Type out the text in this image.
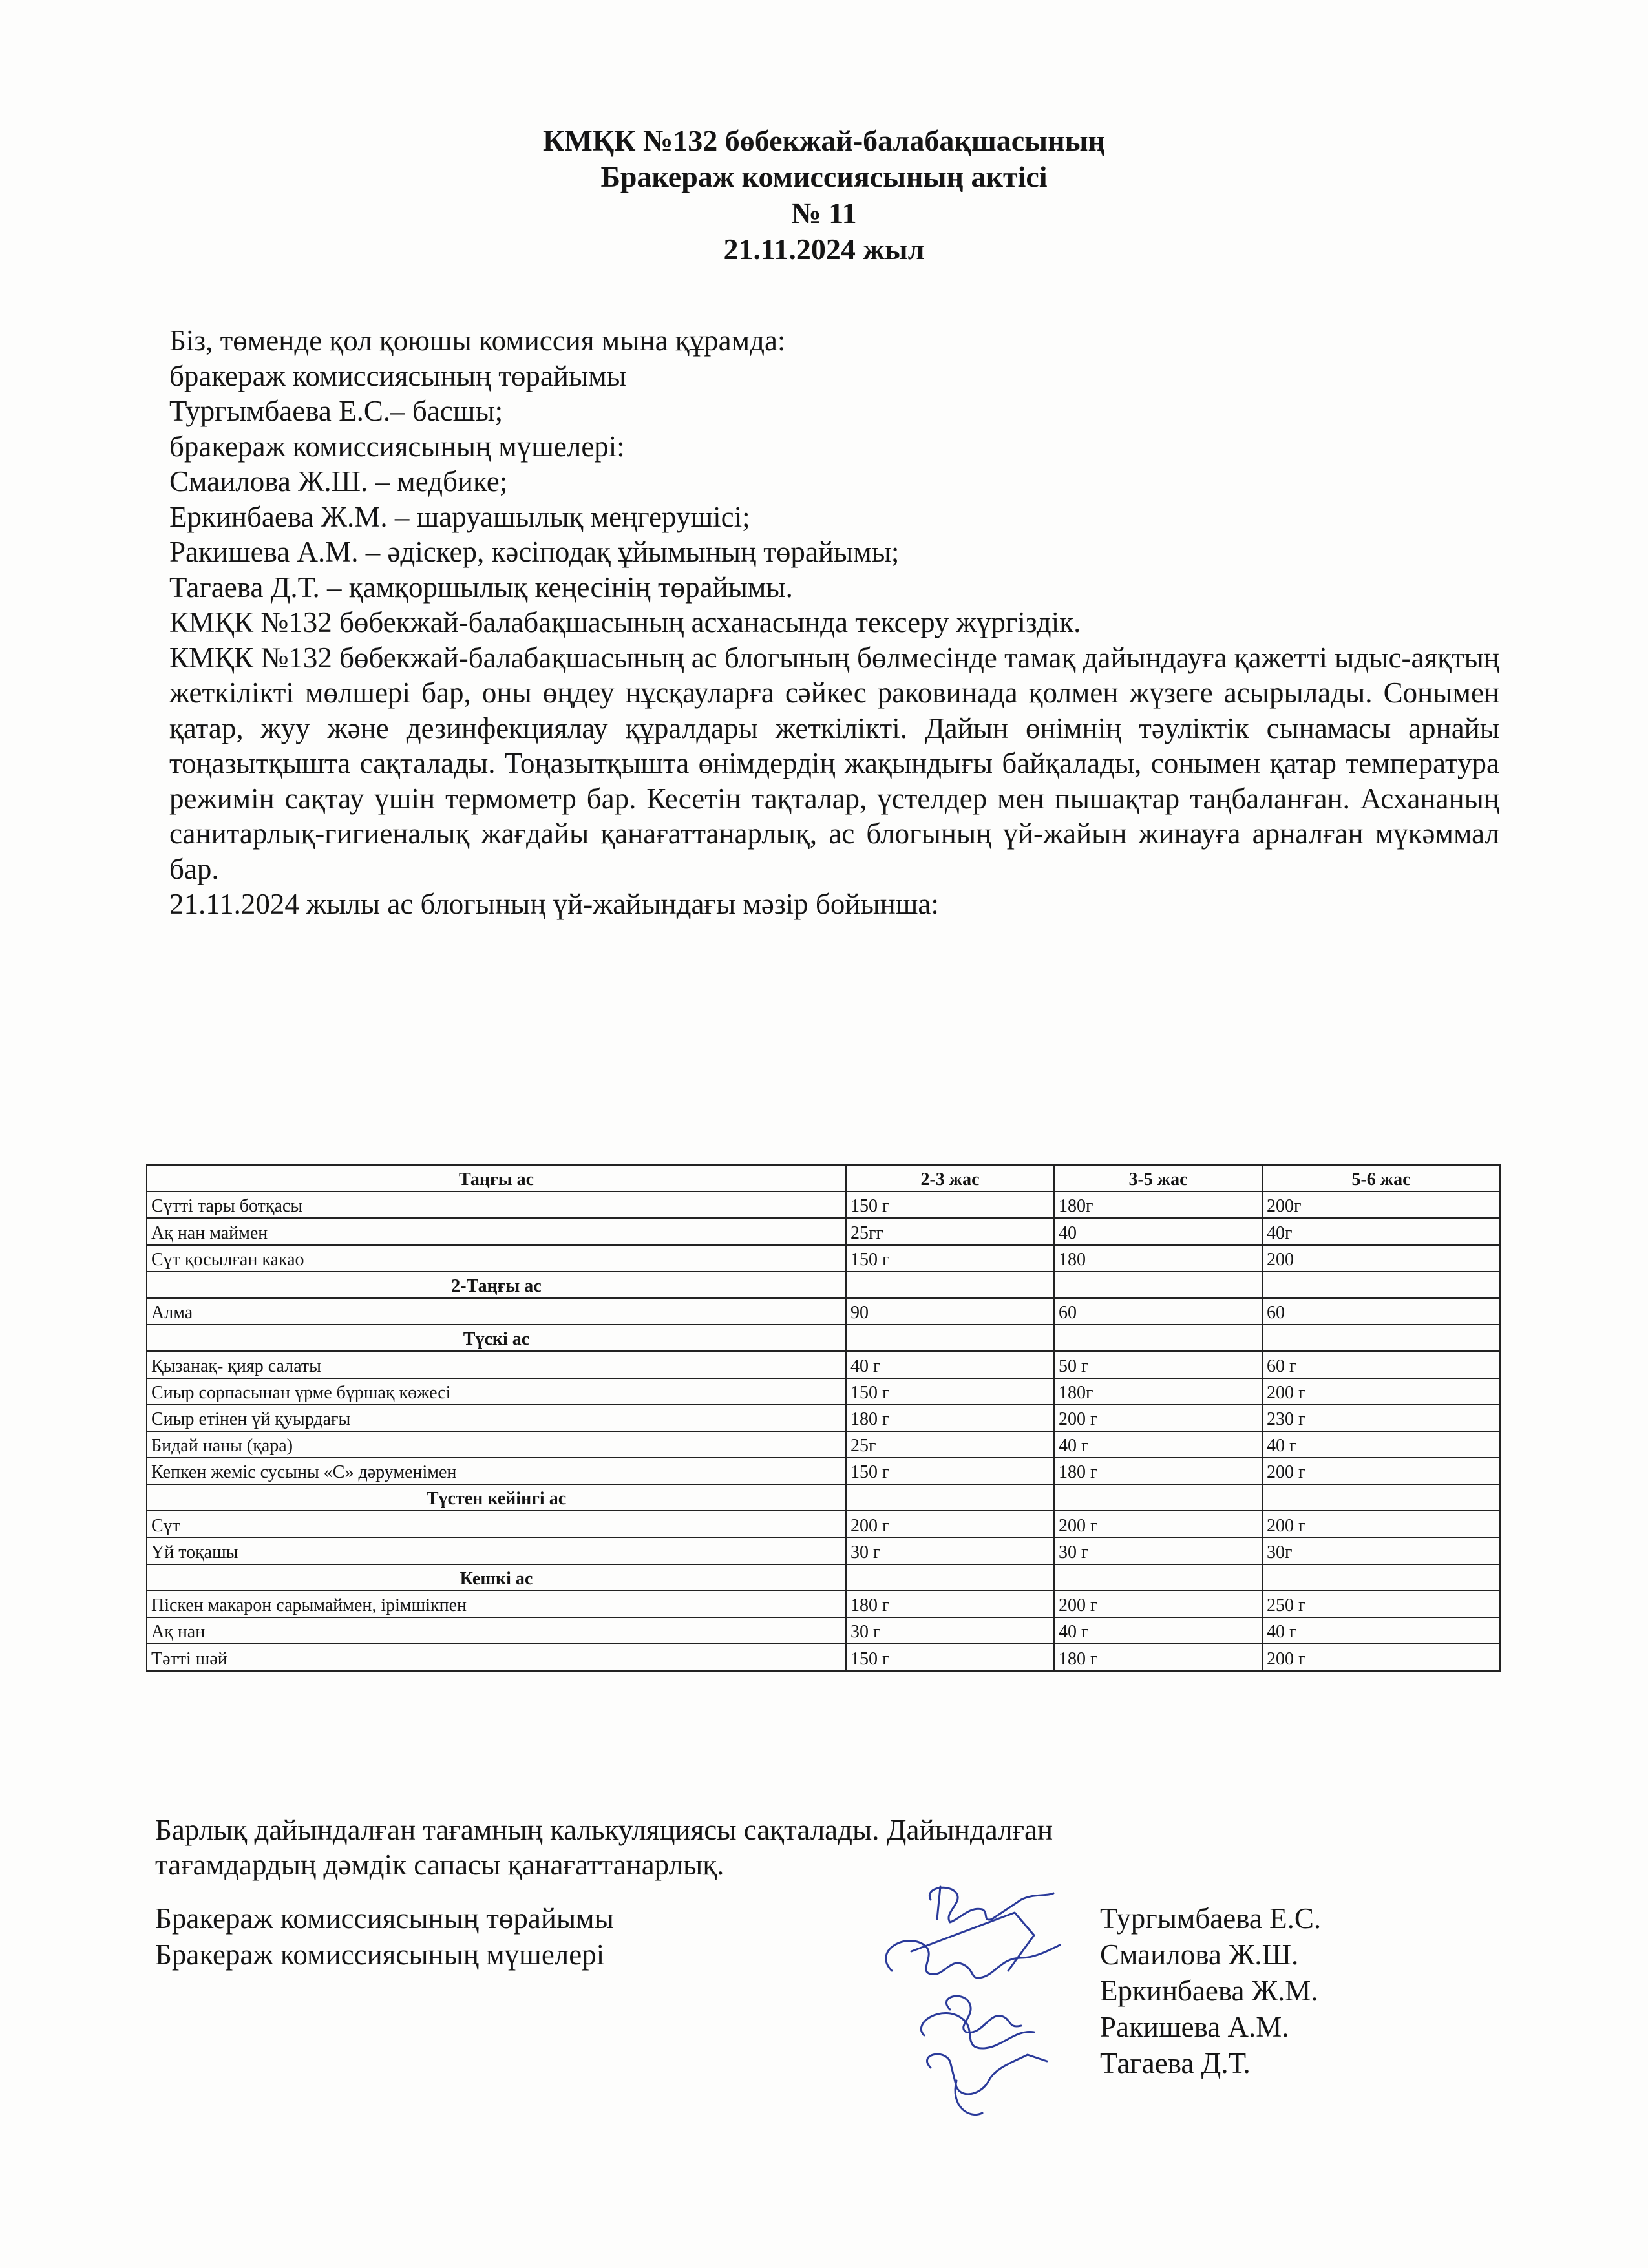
КМҚК №132 бөбекжай-балабақшасының
Бракераж комиссиясының актісі
№ 11
21.11.2024 жыл
Біз, төменде қол қоюшы комиссия мына құрамда:
бракераж комиссиясының төрайымы
Тургымбаева Е.С.– басшы;
бракераж комиссиясының мүшелері:
Смаилова Ж.Ш. – медбике;
Еркинбаева Ж.М. – шаруашылық меңгерушісі;
Ракишева А.М. – әдіскер, кәсіподақ ұйымының төрайымы;
Тагаева Д.Т. – қамқоршылық кеңесінің төрайымы.
КМҚК №132 бөбекжай-балабақшасының асханасында тексеру жүргіздік.
КМҚК №132 бөбекжай-балабақшасының ас блогының бөлмесінде тамақ дайындауға қажетті ыдыс-аяқтың жеткілікті мөлшері бар, оны өңдеу нұсқауларға сәйкес раковинада қолмен жүзеге асырылады. Сонымен қатар, жуу және дезинфекциялау құралдары жеткілікті. Дайын өнімнің тәуліктік сынамасы арнайы тоңазытқышта сақталады. Тоңазытқышта өнімдердің жақындығы байқалады, сонымен қатар температура режимін сақтау үшін термометр бар. Кесетін тақталар, үстелдер мен пышақтар таңбаланған. Асхананың санитарлық-гигиеналық жағдайы қанағаттанарлық, ас блогының үй-жайын жинауға арналған мүкәммал бар.
21.11.2024 жылы ас блогының үй-жайындағы мәзір бойынша:
Таңғы ас	2-3 жас	3-5 жас	5-6 жас
Сүтті тары ботқасы	150 г	180г	200г
Ақ нан маймен	25гг	40	40г
Сүт қосылған какао	150 г	180	200
2-Таңғы ас			
Алма	90	60	60
Түскі ас			
Қызанақ- қияр салаты	40 г	50 г	60 г
Сиыр сорпасынан үрме бұршақ көжесі	150 г	180г	200 г
Сиыр етінен үй қуырдағы	180 г	200 г	230 г
Бидай наны (қара)	25г	40 г	40 г
Кепкен жеміс сусыны «С» дәруменімен	150 г	180 г	200 г
Түстен кейінгі ас			
Сүт	200 г	200 г	200 г
Үй тоқашы	30 г	30 г	30г
Кешкі ас			
Піскен макарон сарымаймен, ірімшікпен	180 г	200 г	250 г
Ақ нан	30 г	40 г	40 г
Тәтті шәй	150 г	180 г	200 г
Барлық дайындалған тағамның калькуляциясы сақталады. Дайындалған
тағамдардың дәмдік сапасы қанағаттанарлық.
Бракераж комиссиясының төрайымы	Тургымбаева Е.С.
Бракераж комиссиясының мүшелері	Смаилова Ж.Ш.
Еркинбаева Ж.М.
Ракишева А.М.
Тагаева Д.Т.
